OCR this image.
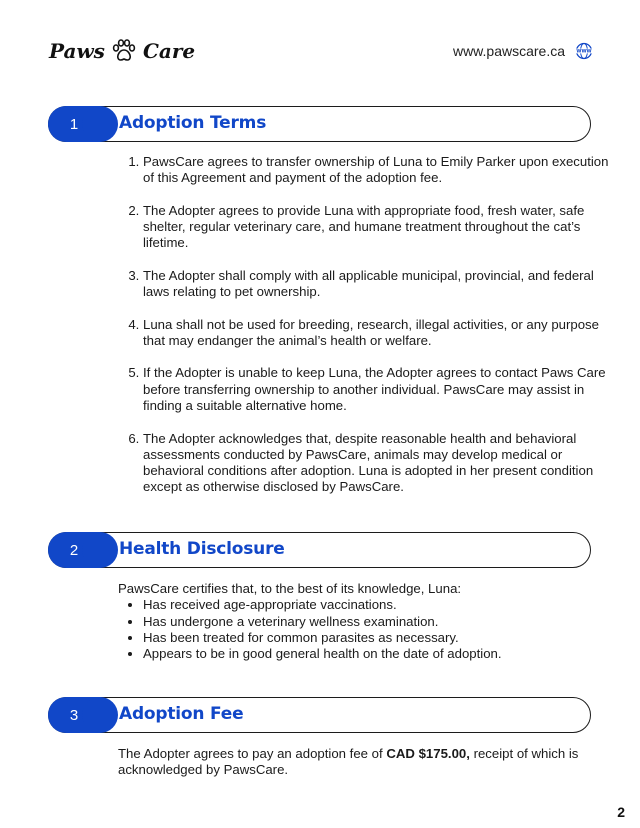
Paws Care	www.pawscare.ca WWW
1 Adoption Terms
1. PawsCare agrees to transfer ownership of Luna to Emily Parker upon execution of this Agreement and payment of the adoption fee.
2. The Adopter agrees to provide Luna with appropriate food, fresh water, safe shelter, regular veterinary care, and humane treatment throughout the cat’s lifetime.
3. The Adopter shall comply with all applicable municipal, provincial, and federal laws relating to pet ownership.
4. Luna shall not be used for breeding, research, illegal activities, or any purpose that may endanger the animal’s health or welfare.
5. If the Adopter is unable to keep Luna, the Adopter agrees to contact Paws Care before transferring ownership to another individual. PawsCare may assist in finding a suitable alternative home.
6. The Adopter acknowledges that, despite reasonable health and behavioral assessments conducted by PawsCare, animals may develop medical or behavioral conditions after adoption. Luna is adopted in her present condition except as otherwise disclosed by PawsCare.
2 Health Disclosure
PawsCare certifies that, to the best of its knowledge, Luna:
• Has received age-appropriate vaccinations.
• Has undergone a veterinary wellness examination.
• Has been treated for common parasites as necessary.
• Appears to be in good general health on the date of adoption.
3 Adoption Fee
The Adopter agrees to pay an adoption fee of CAD $175.00, receipt of which is acknowledged by PawsCare.
2
